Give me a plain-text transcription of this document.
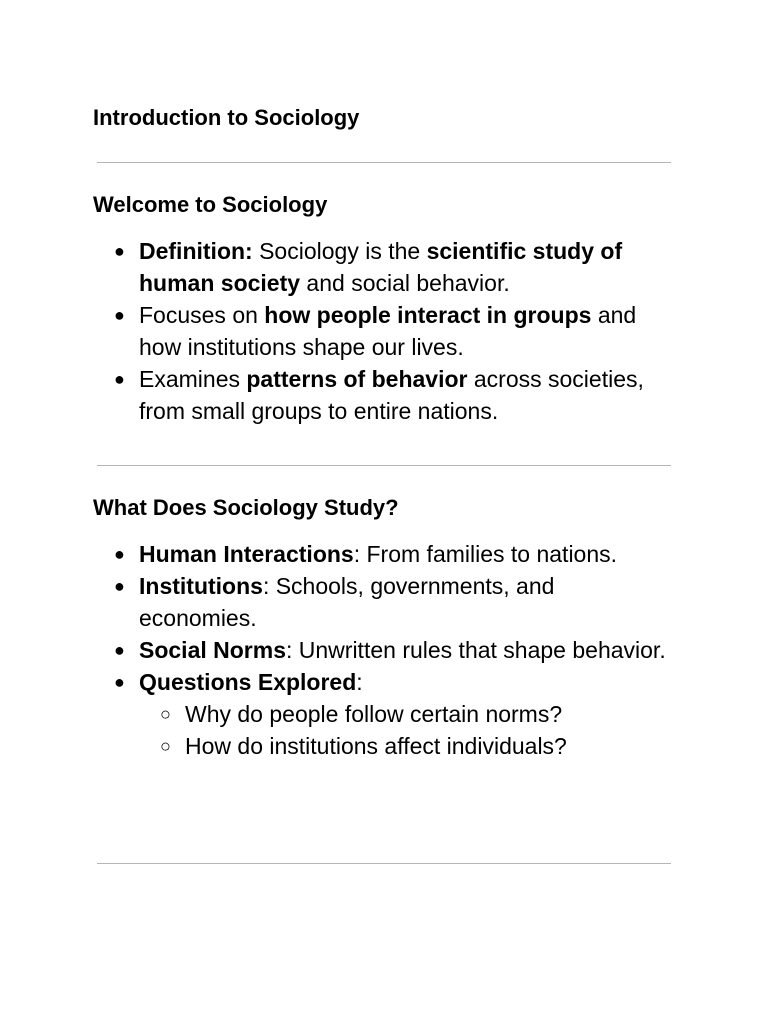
Introduction to Sociology
Welcome to Sociology
● Definition: Sociology is the scientific study of human society and social behavior.
● Focuses on how people interact in groups and how institutions shape our lives.
● Examines patterns of behavior across societies, from small groups to entire nations.
What Does Sociology Study?
● Human Interactions: From families to nations.
● Institutions: Schools, governments, and economies.
● Social Norms: Unwritten rules that shape behavior.
● Questions Explored:
○ Why do people follow certain norms?
○ How do institutions affect individuals?
